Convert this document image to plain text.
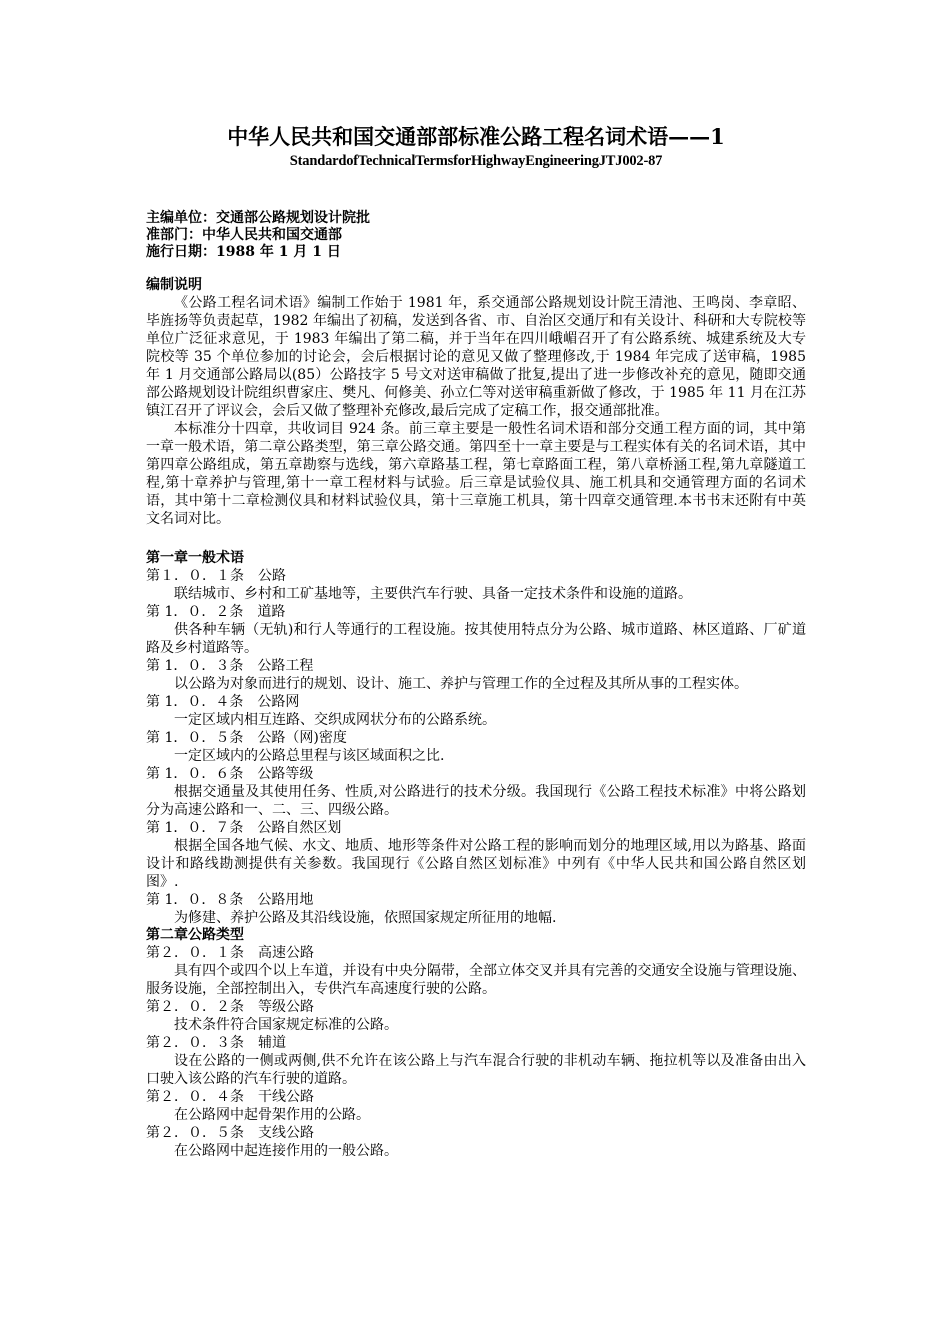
中华人民共和国交通部部标准公路工程名词术语——1

StandardofTechnicalTermsforHighwayEngineeringJTJ002-87

主编单位：交通部公路规划设计院批
准部门：中华人民共和国交通部
施行日期：1988 年 1 月 1 日
编制说明

《公路工程名词术语》编制工作始于 1981 年，系交通部公路规划设计院王清池、王鸣岗、李章昭、毕旌扬等负责起草，1982 年编出了初稿，发送到各省、市、自治区交通厅和有关设计、科研和大专院校等单位广泛征求意见，于 1983 年编出了第二稿，并于当年在四川峨嵋召开了有公路系统、城建系统及大专院校等 35 个单位参加的讨论会，会后根据讨论的意见又做了整理修改,于 1984 年完成了送审稿，1985 年 1 月交通部公路局以(85）公路技字 5 号文对送审稿做了批复,提出了进一步修改补充的意见，随即交通部公路规划设计院组织曹家庄、樊凡、何修美、孙立仁等对送审稿重新做了修改，于 1985 年 11 月在江苏镇江召开了评议会，会后又做了整理补充修改,最后完成了定稿工作，报交通部批准。

本标准分十四章，共收词目 924 条。前三章主要是一般性名词术语和部分交通工程方面的词，其中第一章一般术语，第二章公路类型，第三章公路交通。第四至十一章主要是与工程实体有关的名词术语，其中第四章公路组成，第五章勘察与选线，第六章路基工程，第七章路面工程，第八章桥涵工程,第九章隧道工程,第十章养护与管理,第十一章工程材料与试验。后三章是试验仪具、施工机具和交通管理方面的名词术语，其中第十二章检测仪具和材料试验仪具，第十三章施工机具，第十四章交通管理.本书书末还附有中英文名词对比。

第一章一般术语
第１．０．１条　 公路

联结城市、乡村和工矿基地等，主要供汽车行驶、具备一定技术条件和设施的道路。

第 1．０．２条　 道路

供各种车辆（无轨)和行人等通行的工程设施。按其使用特点分为公路、城市道路、林区道路、厂矿道路及乡村道路等。

第 1．０．３条　 公路工程

以公路为对象而进行的规划、设计、施工、养护与管理工作的全过程及其所从事的工程实体。

第 1．０．４条　 公路网

一定区域内相互连路、交织成网状分布的公路系统。

第 1．０．５条　 公路（网)密度

一定区域内的公路总里程与该区域面积之比.

第 1．０．６条　 公路等级

根据交通量及其使用任务、性质,对公路进行的技术分级。我国现行《公路工程技术标准》中将公路划分为高速公路和一、二、三、四级公路。

第 1．０．７条　 公路自然区划

根据全国各地气候、水文、地质、地形等条件对公路工程的影响而划分的地理区域,用以为路基、路面设计和路线勘测提供有关参数。我国现行《公路自然区划标准》中列有《中华人民共和国公路自然区划图》.

第 1．０．８条　 公路用地

为修建、养护公路及其沿线设施，依照国家规定所征用的地幅.

第二章公路类型
第２．０．１条　 高速公路

具有四个或四个以上车道，并设有中央分隔带，全部立体交叉并具有完善的交通安全设施与管理设施、服务设施，全部控制出入，专供汽车高速度行驶的公路。

第２．０．２条　 等级公路

技术条件符合国家规定标准的公路。

第２．０．３条　 辅道

设在公路的一侧或两侧,供不允许在该公路上与汽车混合行驶的非机动车辆、拖拉机等以及准备由出入口驶入该公路的汽车行驶的道路。

第２．０．４条　 干线公路

在公路网中起骨架作用的公路。

第２．０．５条　 支线公路

在公路网中起连接作用的一般公路。
